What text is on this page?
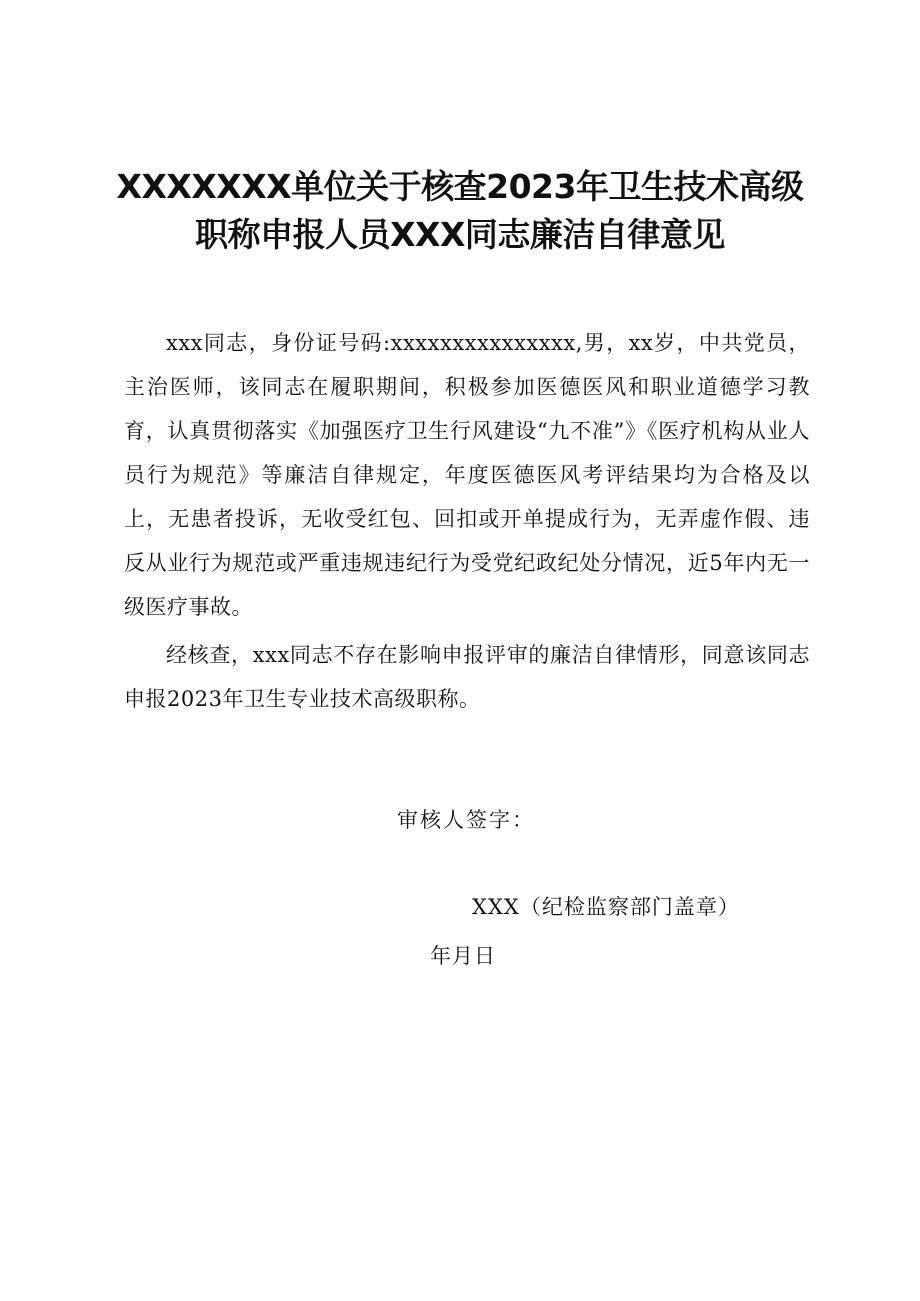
XXXXXXX单位关于核查2023年卫生技术高级
职称申报人员XXX同志廉洁自律意见

xxx同志，身份证号码:xxxxxxxxxxxxxxx,男，xx岁，中共党员，主治医师，该同志在履职期间，积极参加医德医风和职业道德学习教育，认真贯彻落实《加强医疗卫生行风建设“九不准”》《医疗机构从业人员行为规范》等廉洁自律规定，年度医德医风考评结果均为合格及以上，无患者投诉，无收受红包、回扣或开单提成行为，无弄虚作假、违反从业行为规范或严重违规违纪行为受党纪政纪处分情况，近5年内无一级医疗事故。

经核查，xxx同志不存在影响申报评审的廉洁自律情形，同意该同志申报2023年卫生专业技术高级职称。

审核人签字：
XXX（纪检监察部门盖章）
年月日
